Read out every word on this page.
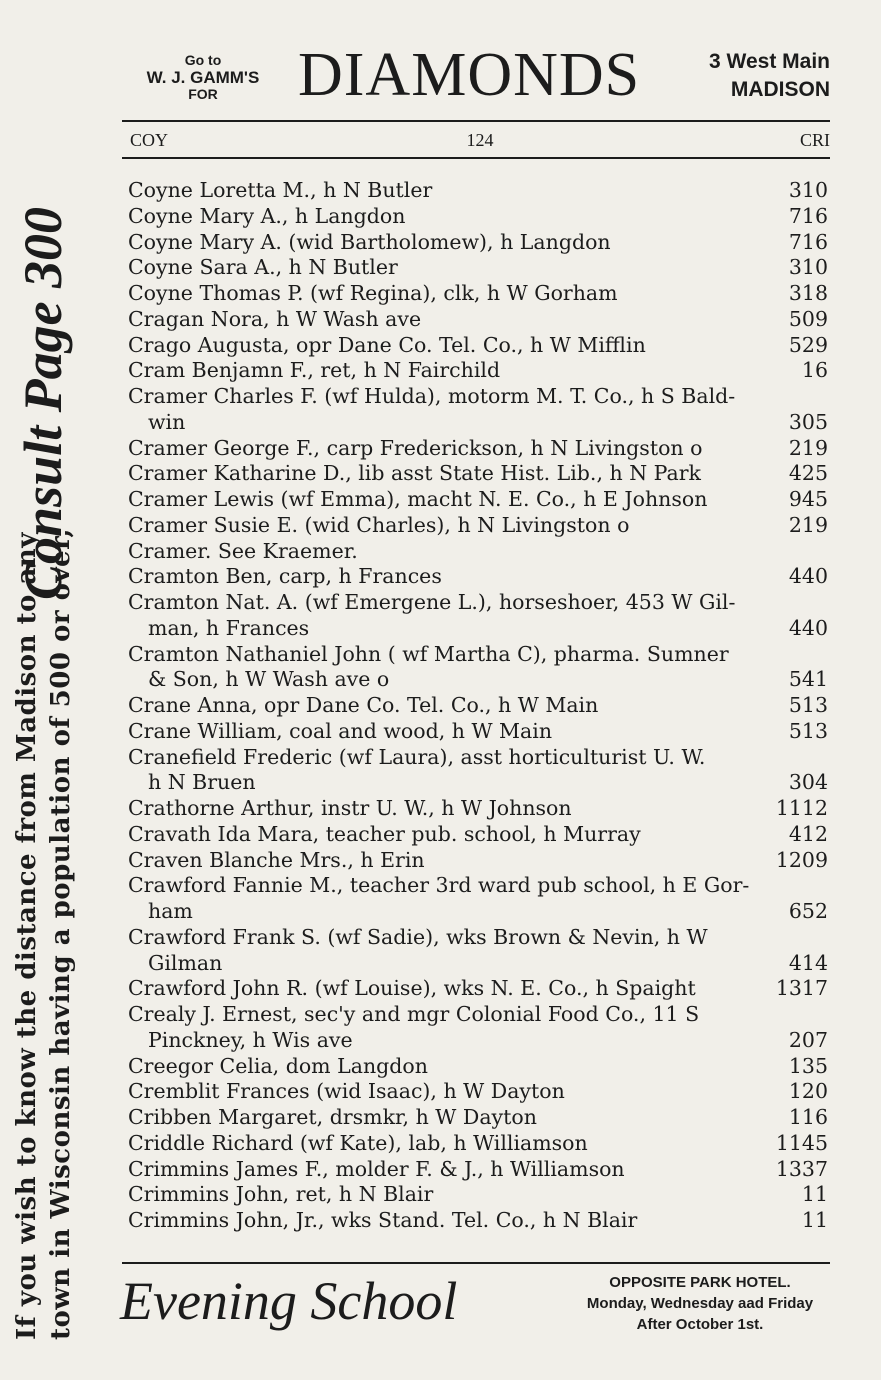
If you wish to know the distance from Madison to any town in Wisconsin having a population of 500 or over,
Consult Page 300
Go to
W. J. GAMM'S
FOR	DIAMONDS	3 West Main
MADISON
124
COY	CRI
Coyne Loretta M., h N Butler	310
Coyne Mary A., h Langdon	716
Coyne Mary A. (wid Bartholomew), h Langdon	716
Coyne Sara A., h N Butler	310
Coyne Thomas P. (wf Regina), clk, h W Gorham	318
Cragan Nora, h W Wash ave	509
Crago Augusta, opr Dane Co. Tel. Co., h W Mifflin	529
Cram Benjamn F., ret, h N Fairchild	16
Cramer Charles F. (wf Hulda), motorm M. T. Co., h S Bald-
win	305
Cramer George F., carp Frederickson, h N Livingston o	219
Cramer Katharine D., lib asst State Hist. Lib., h N Park	425
Cramer Lewis (wf Emma), macht N. E. Co., h E Johnson	945
Cramer Susie E. (wid Charles), h N Livingston o	219
Cramer. See Kraemer.
Cramton Ben, carp, h Frances	440
Cramton Nat. A. (wf Emergene L.), horseshoer, 453 W Gil-
man, h Frances	440
Cramton Nathaniel John ( wf Martha C), pharma. Sumner
& Son, h W Wash ave o	541
Crane Anna, opr Dane Co. Tel. Co., h W Main	513
Crane William, coal and wood, h W Main	513
Cranefield Frederic (wf Laura), asst horticulturist U. W.
h N Bruen	304
Crathorne Arthur, instr U. W., h W Johnson	1112
Cravath Ida Mara, teacher pub. school, h Murray	412
Craven Blanche Mrs., h Erin	1209
Crawford Fannie M., teacher 3rd ward pub school, h E Gor-
ham	652
Crawford Frank S. (wf Sadie), wks Brown & Nevin, h W
Gilman	414
Crawford John R. (wf Louise), wks N. E. Co., h Spaight	1317
Crealy J. Ernest, sec'y and mgr Colonial Food Co., 11 S
Pinckney, h Wis ave	207
Creegor Celia, dom Langdon	135
Cremblit Frances (wid Isaac), h W Dayton	120
Cribben Margaret, drsmkr, h W Dayton	116
Criddle Richard (wf Kate), lab, h Williamson	1145
Crimmins James F., molder F. & J., h Williamson	1337
Crimmins John, ret, h N Blair	11
Crimmins John, Jr., wks Stand. Tel. Co., h N Blair	11
Evening School	OPPOSITE PARK HOTEL.
Monday, Wednesday aad Friday
After October 1st.
